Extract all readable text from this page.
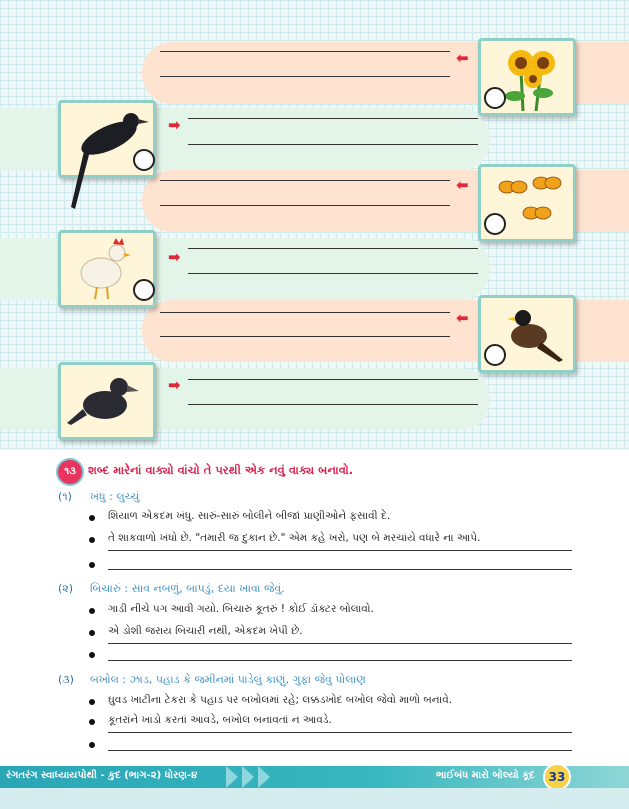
⬅
➡
⬅
➡
⬅
➡
૧૩	શબ્દ મારેનાં વાક્યો વાંચો તે પરથી એક નવું વાક્ય બનાવો.
(૧) ખંધુ : લુચ્ચું
શિયાળ એકદમ ખંધુ. સારું-સારું બોલીને બીજાં પ્રાણીઓને ફસાવી દે.
તે શાકવાળો ખંધો છે. "તમારી જ દુકાન છે." એમ કહે ખરો, પણ બે મરચાંયે વધારે ના આપે.
(૨) બિચારું : સાવ નબળું, બાપડું, દયા ખાવા જેવું.
ગાડી નીચે પગ આવી ગયો. બિચારું કૂતરું ! કોઈ ડૉક્ટર બોલાવો.
એ ડોશી જરાય બિચારી નથી, એકદમ ખેપી છે.
(૩) બખોલ : ઝાડ, પહાડ કે જમીનમાં પાડેલું કાણું, ગુફા જેવું પોલાણ
ઘુવડ ખાટીના ટેકરા કે પહાડ પર બખોલમાં રહે; લક્કડખોદ બખોલ જેવો માળો બનાવે.
કૂતરાંને ખાડો કરતાં આવડે, બખોલ બનાવતાં ન આવડે.
રંગતરંગ સ્વાધ્યાયપોથી - કુદ (ભાગ-૨) ધોરણ-૪	ભાઈબંધ મારો બોલ્યો કૂદ	33
